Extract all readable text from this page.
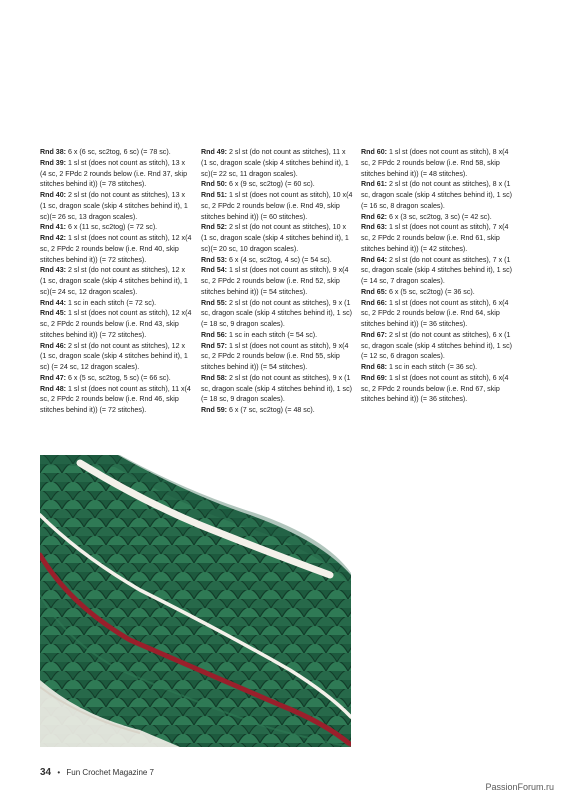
Rnd 38: 6 x (6 sc, sc2tog, 6 sc) (= 78 sc).

Rnd 39: 1 sl st (does not count as stitch), 13 x (4 sc, 2 FPdc 2 rounds below (i.e. Rnd 37, skip stitches behind it)) (= 78 stitches).

Rnd 40: 2 sl st (do not count as stitches), 13 x (1 sc, dragon scale (skip 4 stitches behind it), 1 sc)(= 26 sc, 13 dragon scales).

Rnd 41: 6 x (11 sc, sc2tog) (= 72 sc).

Rnd 42: 1 sl st (does not count as stitch), 12 x(4 sc, 2 FPdc 2 rounds below (i.e. Rnd 40, skip stitches behind it)) (= 72 stitches).

Rnd 43: 2 sl st (do not count as stitches), 12 x (1 sc, dragon scale (skip 4 stitches behind it), 1 sc)(= 24 sc, 12 dragon scales).

Rnd 44: 1 sc in each stitch (= 72 sc).

Rnd 45: 1 sl st (does not count as stitch), 12 x(4 sc, 2 FPdc 2 rounds below (i.e. Rnd 43, skip stitches behind it)) (= 72 stitches).

Rnd 46: 2 sl st (do not count as stitches), 12 x (1 sc, dragon scale (skip 4 stitches behind it), 1 sc) (= 24 sc, 12 dragon scales).

Rnd 47: 6 x (5 sc, sc2tog, 5 sc) (= 66 sc).

Rnd 48: 1 sl st (does not count as stitch), 11 x(4 sc, 2 FPdc 2 rounds below (i.e. Rnd 46, skip stitches behind it)) (= 72 stitches).

Rnd 49: 2 sl st (do not count as stitches), 11 x (1 sc, dragon scale (skip 4 stitches behind it), 1 sc)(= 22 sc, 11 dragon scales).

Rnd 50: 6 x (9 sc, sc2tog) (= 60 sc).

Rnd 51: 1 sl st (does not count as stitch), 10 x(4 sc, 2 FPdc 2 rounds below (i.e. Rnd 49, skip stitches behind it)) (= 60 stitches).

Rnd 52: 2 sl st (do not count as stitches), 10 x (1 sc, dragon scale (skip 4 stitches behind it), 1 sc)(= 20 sc, 10 dragon scales).

Rnd 53: 6 x (4 sc, sc2tog, 4 sc) (= 54 sc).

Rnd 54: 1 sl st (does not count as stitch), 9 x(4 sc, 2 FPdc 2 rounds below (i.e. Rnd 52, skip stitches behind it)) (= 54 stitches).

Rnd 55: 2 sl st (do not count as stitches), 9 x (1 sc, dragon scale (skip 4 stitches behind it), 1 sc)(= 18 sc, 9 dragon scales).

Rnd 56: 1 sc in each stitch (= 54 sc).

Rnd 57: 1 sl st (does not count as stitch), 9 x(4 sc, 2 FPdc 2 rounds below (i.e. Rnd 55, skip stitches behind it)) (= 54 stitches).

Rnd 58: 2 sl st (do not count as stitches), 9 x (1 sc, dragon scale (skip 4 stitches behind it), 1 sc)(= 18 sc, 9 dragon scales).

Rnd 59: 6 x (7 sc, sc2tog) (= 48 sc).

Rnd 60: 1 sl st (does not count as stitch), 8 x(4 sc, 2 FPdc 2 rounds below (i.e. Rnd 58, skip stitches behind it)) (= 48 stitches).

Rnd 61: 2 sl st (do not count as stitches), 8 x (1 sc, dragon scale (skip 4 stitches behind it), 1 sc)(= 16 sc, 8 dragon scales).

Rnd 62: 6 x (3 sc, sc2tog, 3 sc) (= 42 sc).

Rnd 63: 1 sl st (does not count as stitch), 7 x(4 sc, 2 FPdc 2 rounds below (i.e. Rnd 61, skip stitches behind it)) (= 42 stitches).

Rnd 64: 2 sl st (do not count as stitches), 7 x (1 sc, dragon scale (skip 4 stitches behind it), 1 sc)(= 14 sc, 7 dragon scales).

Rnd 65: 6 x (5 sc, sc2tog) (= 36 sc).

Rnd 66: 1 sl st (does not count as stitch), 6 x(4 sc, 2 FPdc 2 rounds below (i.e. Rnd 64, skip stitches behind it)) (= 36 stitches).

Rnd 67: 2 sl st (do not count as stitches), 6 x (1 sc, dragon scale (skip 4 stitches behind it), 1 sc)(= 12 sc, 6 dragon scales).

Rnd 68: 1 sc in each stitch (= 36 sc).

Rnd 69: 1 sl st (does not count as stitch), 6 x(4 sc, 2 FPdc 2 rounds below (i.e. Rnd 67, skip stitches behind it)) (= 36 stitches).

34 • Fun Crochet Magazine 7
PassionForum.ru
